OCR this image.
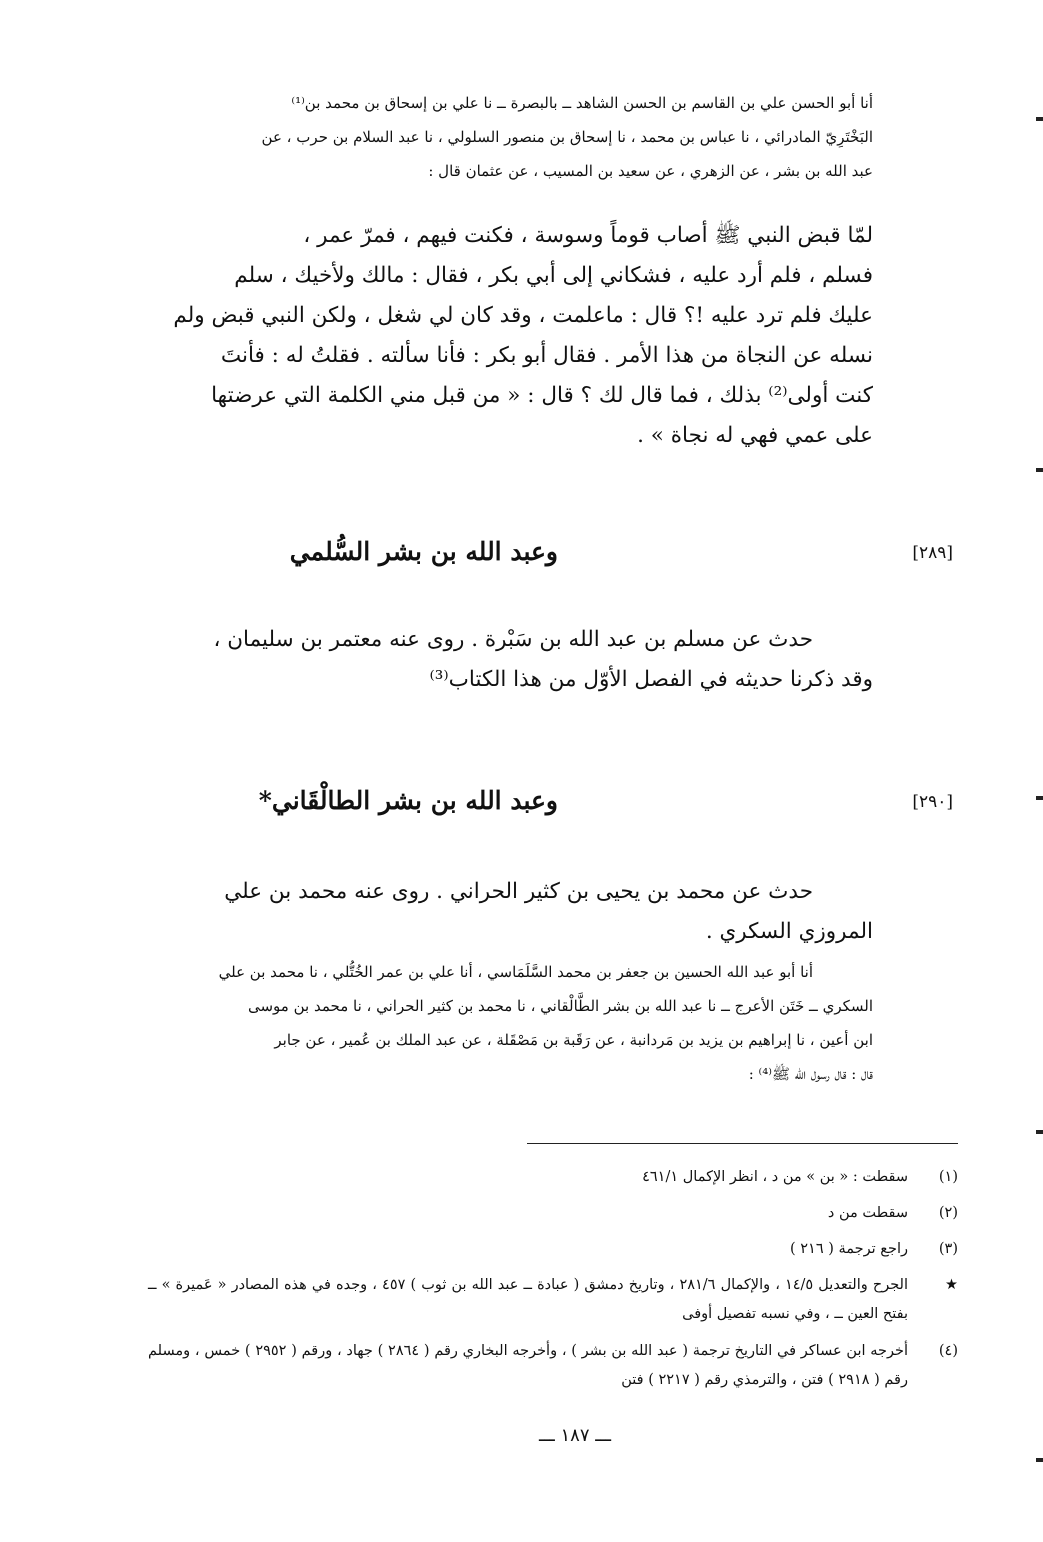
أنا أبو الحسن علي بن القاسم بن الحسن الشاهد ــ بالبصرة ــ نا علي بن إسحاق بن محمد بن⁽¹⁾

البَخْتَرِيّ المادرائي ، نا عباس بن محمد ، نا إسحاق بن منصور السلولي ، نا عبد السلام بن حرب ، عن

عبد الله بن بشر ، عن الزهري ، عن سعيد بن المسيب ، عن عثمان قال :

لمّا قبض النبي ﷺ أصاب قوماً وسوسة ، فكنت فيهم ، فمرّ عمر ،

فسلم ، فلم أرد عليه ، فشكاني إلى أبي بكر ، فقال : مالك ولأخيك ، سلم

عليك فلم ترد عليه !؟ قال : ماعلمت ، وقد كان لي شغل ، ولكن النبي قبض ولم

نسله عن النجاة من هذا الأمر . فقال أبو بكر : فأنا سألته . فقلتُ له : فأنتَ

كنت أولى⁽²⁾ بذلك ، فما قال لك ؟ قال : « من قبل مني الكلمة التي عرضتها

على عمي فهي له نجاة » .

[٢٨٩]
وعبد الله بن بشر السُّلمي

حدث عن مسلم بن عبد الله بن سَبْرة . روى عنه معتمر بن سليمان ،

وقد ذكرنا حديثه في الفصل الأوّل من هذا الكتاب⁽³⁾

[٢٩٠]
وعبد الله بن بشر الطالْقَاني*

حدث عن محمد بن يحيى بن كثير الحراني . روى عنه محمد بن علي

المروزي السكري .

أنا أبو عبد الله الحسين بن جعفر بن محمد السَّلَمَاسي ، أنا علي بن عمر الخُتُّلي ، نا محمد بن علي

السكري ــ خَتَن الأعرج ــ نا عبد الله بن بشر الطَّالْقاني ، نا محمد بن كثير الحراني ، نا محمد بن موسى

ابن أعين ، نا إبراهيم بن يزيد بن مَردانبة ، عن رَقَبة بن مَصْقَلة ، عن عبد الملك بن عُمير ، عن جابر

قال : قال رسول الله ﷺ⁽⁴⁾ :

(١)
سقطت : « بن » من د ، انظر الإكمال ٤٦١/١
(٢)
سقطت من د
(٣)
راجع ترجمة ( ٢١٦ )
★
الجرح والتعديل ١٤/٥ ، والإكمال ٢٨١/٦ ، وتاريخ دمشق ( عبادة ــ عبد الله بن ثوب ) ٤٥٧ ، وجده في هذه المصادر « عَميرة » ــ بفتح العين ــ ، وفي نسبه تفصيل أوفى
(٤)
أخرجه ابن عساكر في التاريخ ترجمة ( عبد الله بن بشر ) ، وأخرجه البخاري رقم ( ٢٨٦٤ ) جهاد ، ورقم ( ٢٩٥٢ ) خمس ، ومسلم رقم ( ٢٩١٨ ) فتن ، والترمذي رقم ( ٢٢١٧ ) فتن
ـــ ١٨٧ ـــ
